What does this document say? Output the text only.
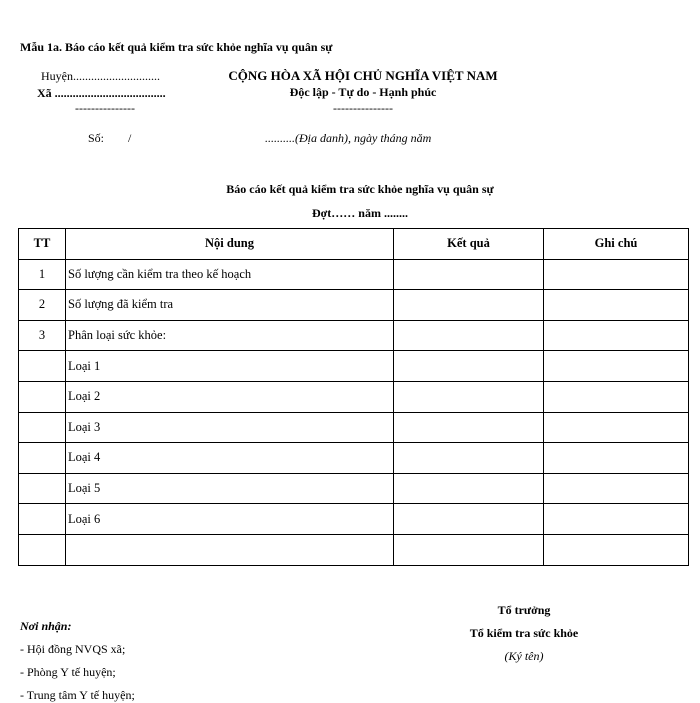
Mẫu 1a. Báo cáo kết quả kiểm tra sức khỏe nghĩa vụ quân sự
Huyện.............................
Xã .....................................
---------------
CỘNG HÒA XÃ HỘI CHỦ NGHĨA VIỆT NAM
Độc lập - Tự do - Hạnh phúc
---------------
Số: /	..........(Địa danh), ngày tháng năm
Báo cáo kết quả kiểm tra sức khỏe nghĩa vụ quân sự
Đợt…… năm ........
TT	Nội dung	Kết quả	Ghi chú
1	Số lượng cần kiểm tra theo kế hoạch		
2	Số lượng đã kiểm tra		
3	Phân loại sức khỏe:		
	Loại 1		
	Loại 2		
	Loại 3		
	Loại 4		
	Loại 5		
	Loại 6		

Nơi nhận:
- Hội đồng NVQS xã;
- Phòng Y tế huyện;
- Trung tâm Y tế huyện;
Tổ trưởng
Tổ kiểm tra sức khỏe
(Ký tên)
